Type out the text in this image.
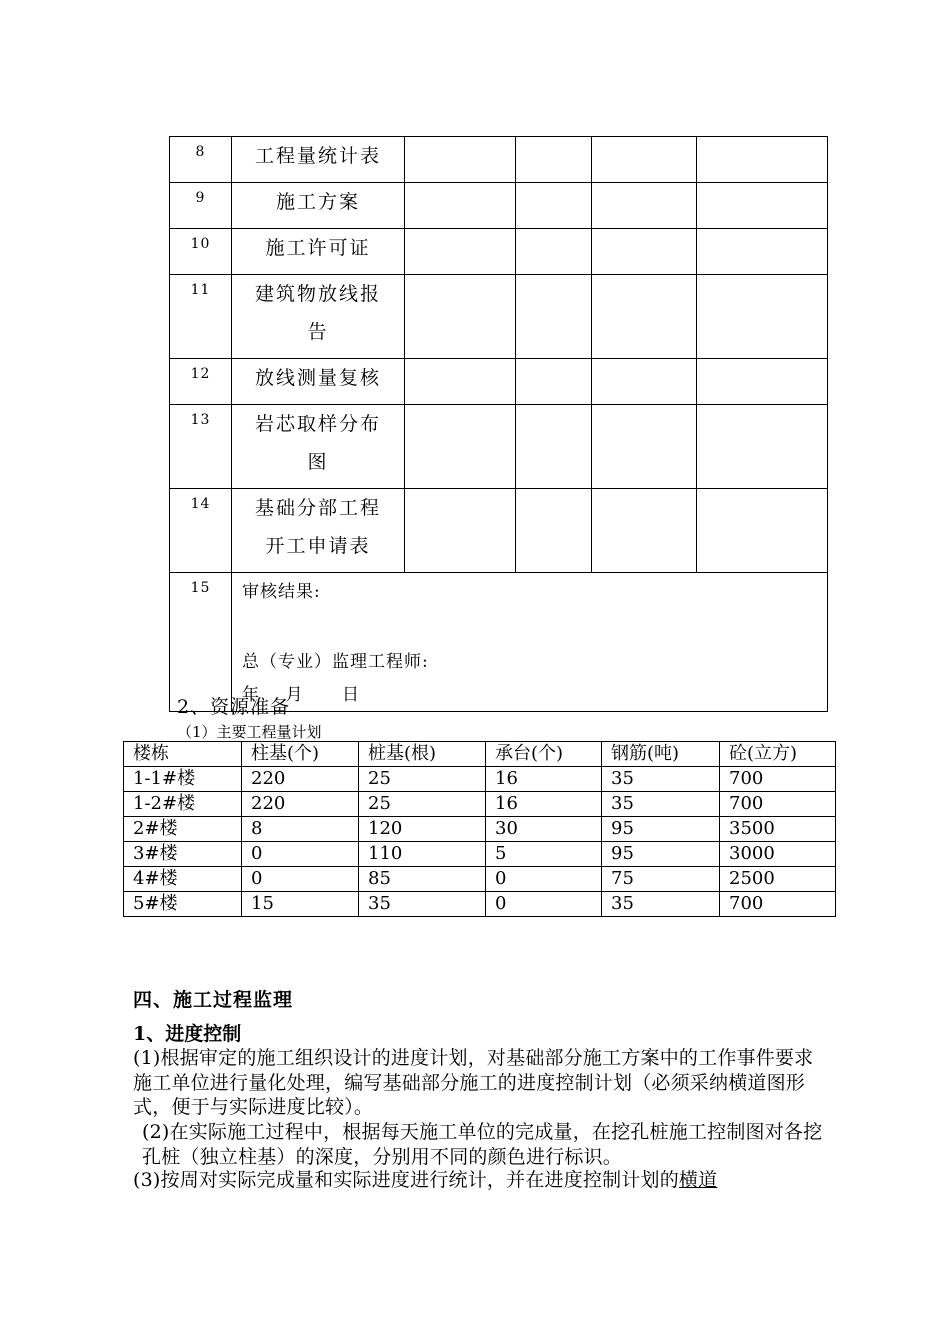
8	工程量统计表				
9	施工方案				
10	施工许可证				
11	建筑物放线报
告				

12	放线测量复核				
13	岩芯取样分布
图				

14	基础分部工程
开工申请表				

15	审核结果:
总（专业）监理工程师:
年    月      日				
2、资源准备
（1）主要工程量计划
楼栋	柱基(个)	桩基(根)	承台(个)	钢筋(吨)	砼(立方)
1-1#楼	220	25	16	35	700
1-2#楼	220	25	16	35	700
2#楼	8	120	30	95	3500
3#楼	0	110	5	95	3000
4#楼	0	85	0	75	2500
5#楼	15	35	0	35	700
四、施工过程监理
1、进度控制
(1)根据审定的施工组织设计的进度计划，对基础部分施工方案中的工作事件要求施工单位进行量化处理，编写基础部分施工的进度控制计划（必须采纳横道图形式，便于与实际进度比较）。
(2)在实际施工过程中，根据每天施工单位的完成量，在挖孔桩施工控制图对各挖孔桩（独立柱基）的深度，分别用不同的颜色进行标识。
(3)按周对实际完成量和实际进度进行统计，并在进度控制计划的横道
